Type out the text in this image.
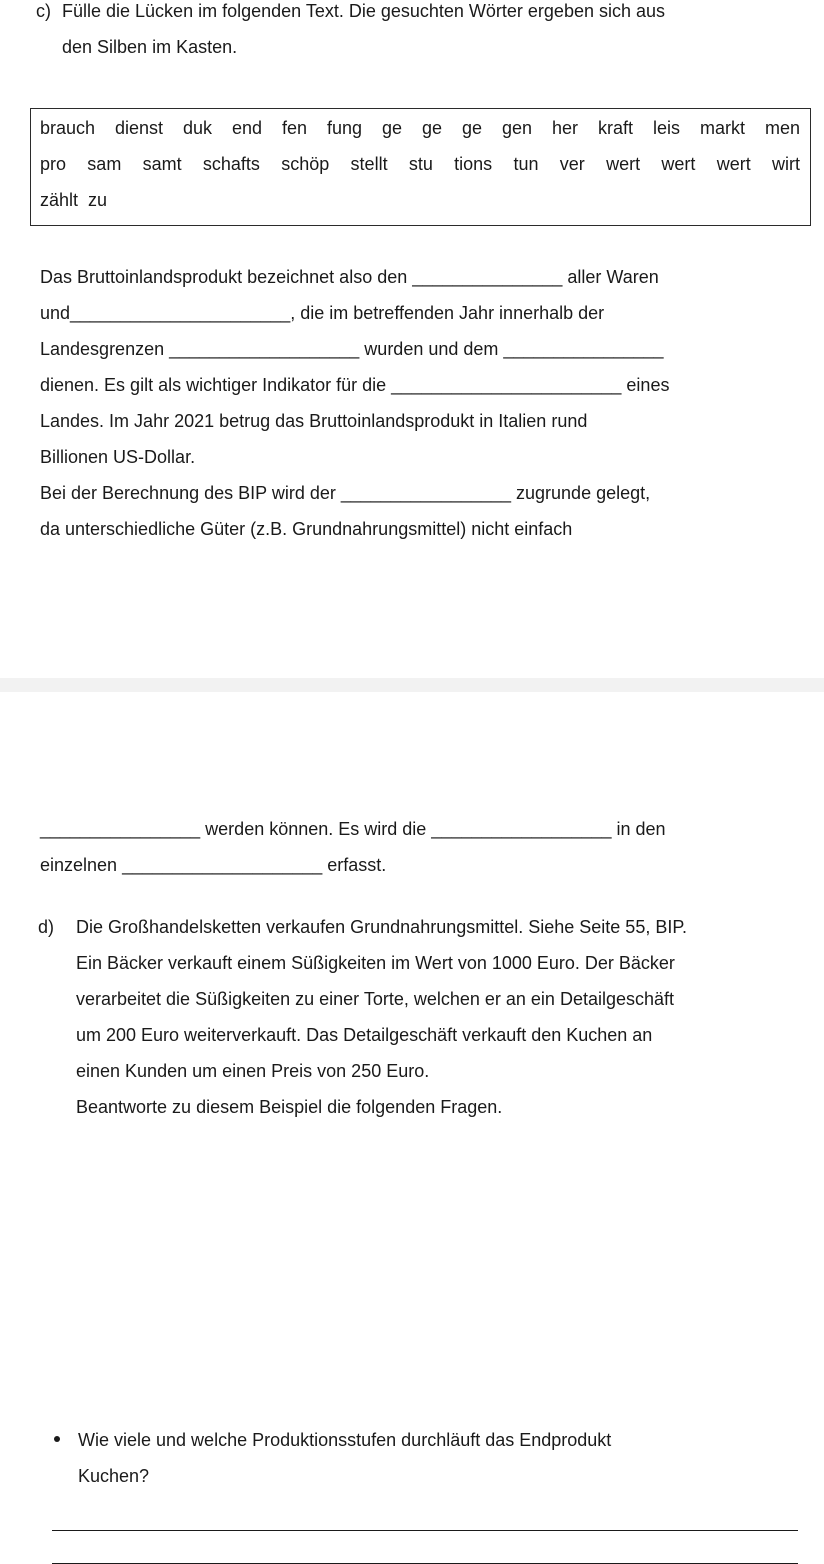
c) Fülle die Lücken im folgenden Text. Die gesuchten Wörter ergeben sich aus
den Silben im Kasten.
brauch dienst duk end fen fung ge ge ge gen her kraft leis markt men
pro sam samt schafts schöp stellt stu tions tun ver wert wert wert wirt
zählt  zu
Das Bruttoinlandsprodukt bezeichnet also den _______________ aller Waren
und______________________, die im betreffenden Jahr innerhalb der
Landesgrenzen ___________________ wurden und dem ________________
dienen. Es gilt als wichtiger Indikator für die _______________________ eines
Landes. Im Jahr 2021 betrug das Bruttoinlandsprodukt in Italien rund
Billionen US-Dollar.
Bei der Berechnung des BIP wird der _________________ zugrunde gelegt,
da unterschiedliche Güter (z.B. Grundnahrungsmittel) nicht einfach
________________ werden können. Es wird die __________________ in den
einzelnen ____________________ erfasst.
d) Die Großhandelsketten verkaufen Grundnahrungsmittel. Siehe Seite 55, BIP.
Ein Bäcker verkauft einem Süßigkeiten im Wert von 1000 Euro. Der Bäcker
verarbeitet die Süßigkeiten zu einer Torte, welchen er an ein Detailgeschäft
um 200 Euro weiterverkauft. Das Detailgeschäft verkauft den Kuchen an
einen Kunden um einen Preis von 250 Euro.
Beantworte zu diesem Beispiel die folgenden Fragen.
Wie viele und welche Produktionsstufen durchläuft das Endprodukt
Kuchen?
